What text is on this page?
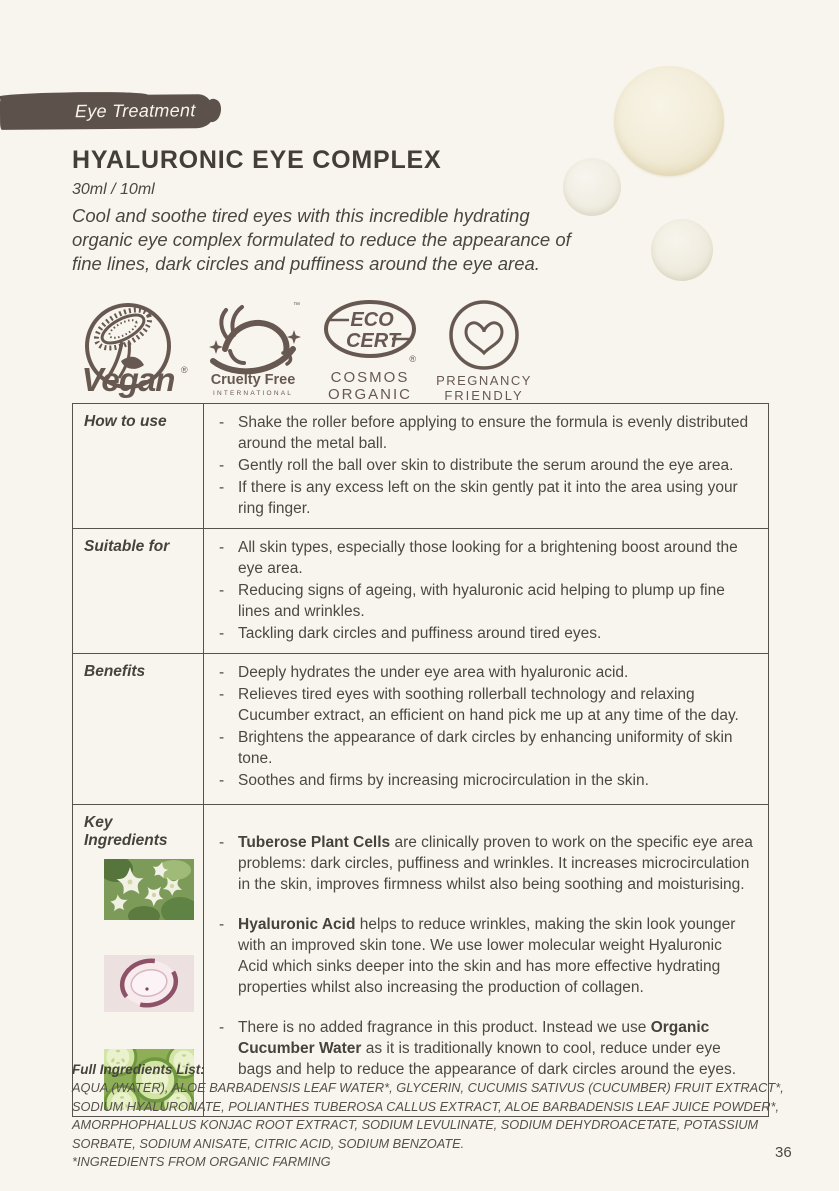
Eye Treatment
HYALURONIC EYE COMPLEX
30ml / 10ml

Cool and soothe tired eyes with this incredible hydrating organic eye complex formulated to reduce the appearance of fine lines, dark circles and puffiness around the eye area.

Vegan ®
™
Cruelty Free
INTERNATIONAL
ECO
CERT
®
COSMOS
ORGANIC
PREGNANCY
FRIENDLY
How to use	- Shake the roller before applying to ensure the formula is evenly distributed around the metal ball.
- Gently roll the ball over skin to distribute the serum around the eye area.
- If there is any excess left on the skin gently pat it into the area using your ring finger.
Suitable for	- All skin types, especially those looking for a brightening boost around the eye area.
- Reducing signs of ageing, with hyaluronic acid helping to plump up fine lines and wrinkles.
- Tackling dark circles and puffiness around tired eyes.
Benefits	- Deeply hydrates the under eye area with hyaluronic acid.
- Relieves tired eyes with soothing rollerball technology and relaxing Cucumber extract, an efficient on hand pick me up at any time of the day.
- Brightens the appearance of dark circles by enhancing uniformity of skin tone.
- Soothes and firms by increasing microcirculation in the skin.
Key Ingredients	- Tuberose Plant Cells are clinically proven to work on the specific eye area problems: dark circles, puffiness and wrinkles. It increases microcirculation in the skin, improves firmness whilst also being soothing and moisturising.
- Hyaluronic Acid helps to reduce wrinkles, making the skin look younger with an improved skin tone. We use lower molecular weight Hyaluronic Acid which sinks deeper into the skin and has more effective hydrating properties whilst also increasing the production of collagen.
- There is no added fragrance in this product. Instead we use Organic Cucumber Water as it is traditionally known to cool, reduce under eye bags and help to reduce the appearance of dark circles around the eyes.
Full Ingredients List:
AQUA (WATER), ALOE BARBADENSIS LEAF WATER*, GLYCERIN, CUCUMIS SATIVUS (CUCUMBER) FRUIT EXTRACT*, SODIUM HYALURONATE, POLIANTHES TUBEROSA CALLUS EXTRACT, ALOE BARBADENSIS LEAF JUICE POWDER*, AMORPHOPHALLUS KONJAC ROOT EXTRACT, SODIUM LEVULINATE, SODIUM DEHYDROACETATE, POTASSIUM SORBATE, SODIUM ANISATE, CITRIC ACID, SODIUM BENZOATE.
*INGREDIENTS FROM ORGANIC FARMING
36
